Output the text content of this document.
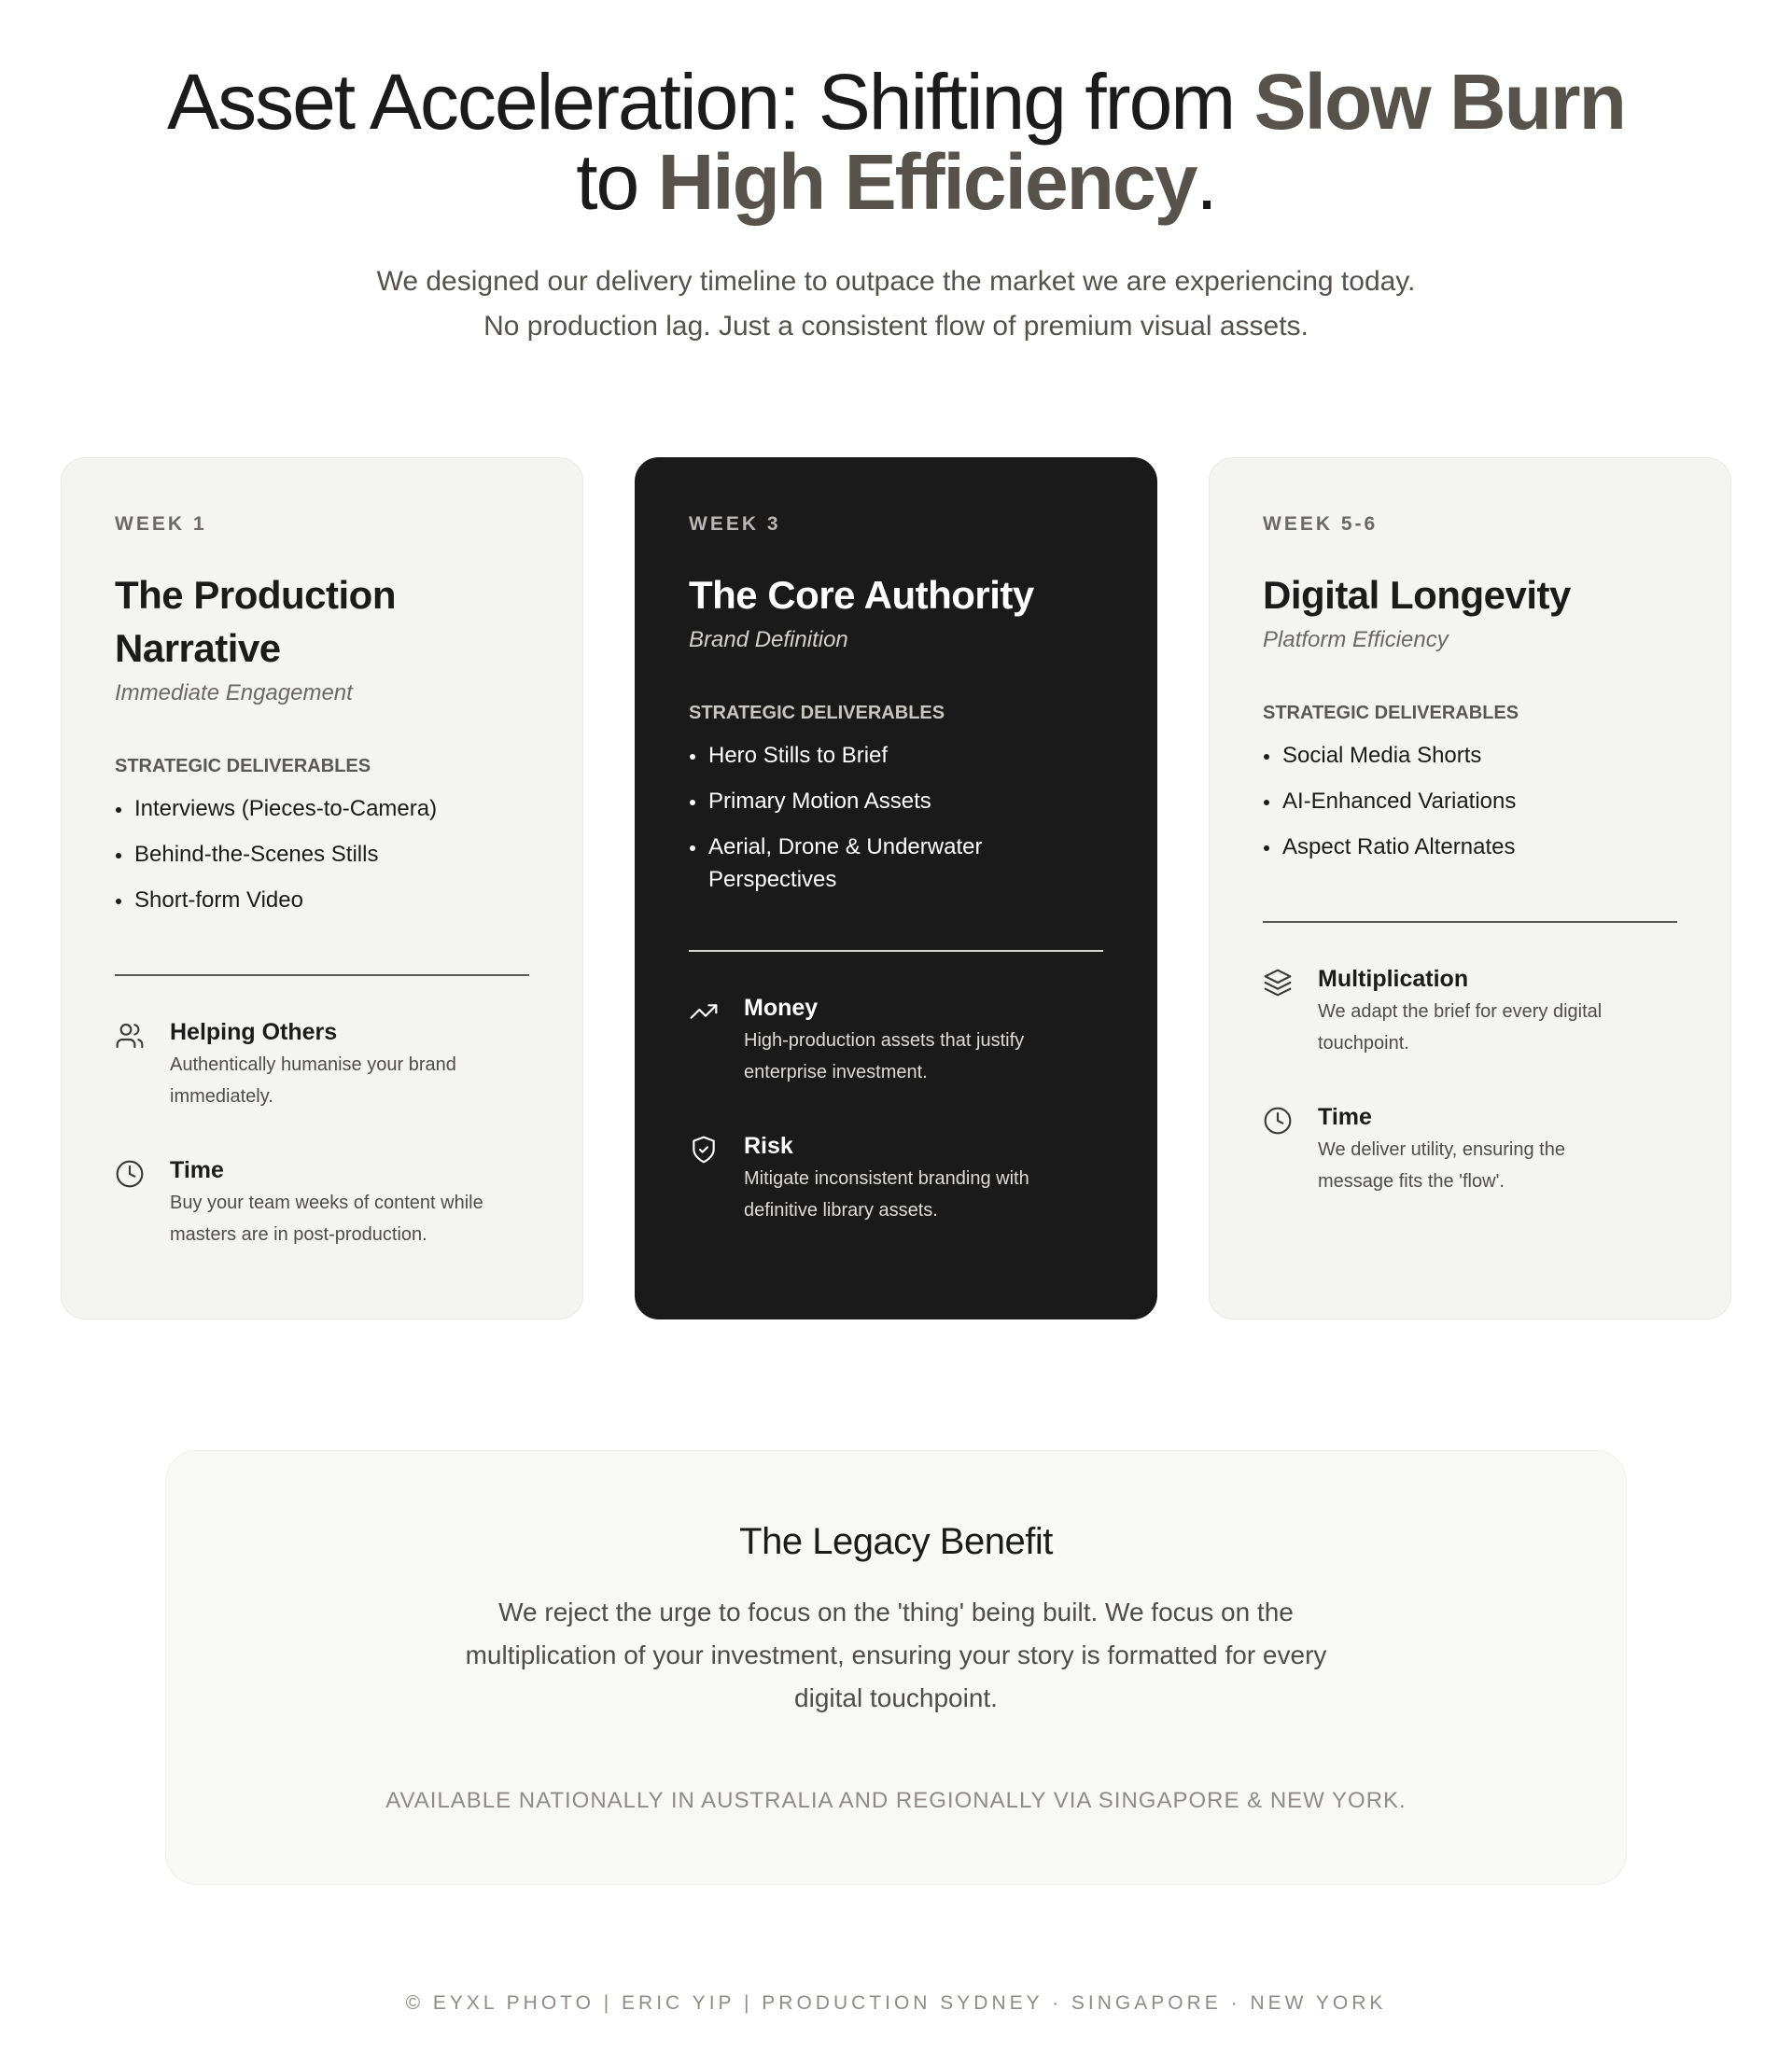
Asset Acceleration: Shifting from Slow Burn
to High Efficiency.
We designed our delivery timeline to outpace the market we are experiencing today.
No production lag. Just a consistent flow of premium visual assets.
WEEK 1
The Production Narrative
Immediate Engagement
STRATEGIC DELIVERABLES
Interviews (Pieces-to-Camera)
Behind-the-Scenes Stills
Short-form Video
Helping Others
Authentically humanise your brand immediately.
Time
Buy your team weeks of content while masters are in post-production.
WEEK 3
The Core Authority
Brand Definition
STRATEGIC DELIVERABLES
Hero Stills to Brief
Primary Motion Assets
Aerial, Drone & Underwater Perspectives
Money
High-production assets that justify enterprise investment.
Risk
Mitigate inconsistent branding with definitive library assets.
WEEK 5-6
Digital Longevity
Platform Efficiency
STRATEGIC DELIVERABLES
Social Media Shorts
AI-Enhanced Variations
Aspect Ratio Alternates
Multiplication
We adapt the brief for every digital touchpoint.
Time
We deliver utility, ensuring the message fits the 'flow'.
The Legacy Benefit

We reject the urge to focus on the 'thing' being built. We focus on the multiplication of your investment, ensuring your story is formatted for every digital touchpoint.

AVAILABLE NATIONALLY IN AUSTRALIA AND REGIONALLY VIA SINGAPORE & NEW YORK.
© EYXL PHOTO | ERIC YIP | PRODUCTION SYDNEY · SINGAPORE · NEW YORK
